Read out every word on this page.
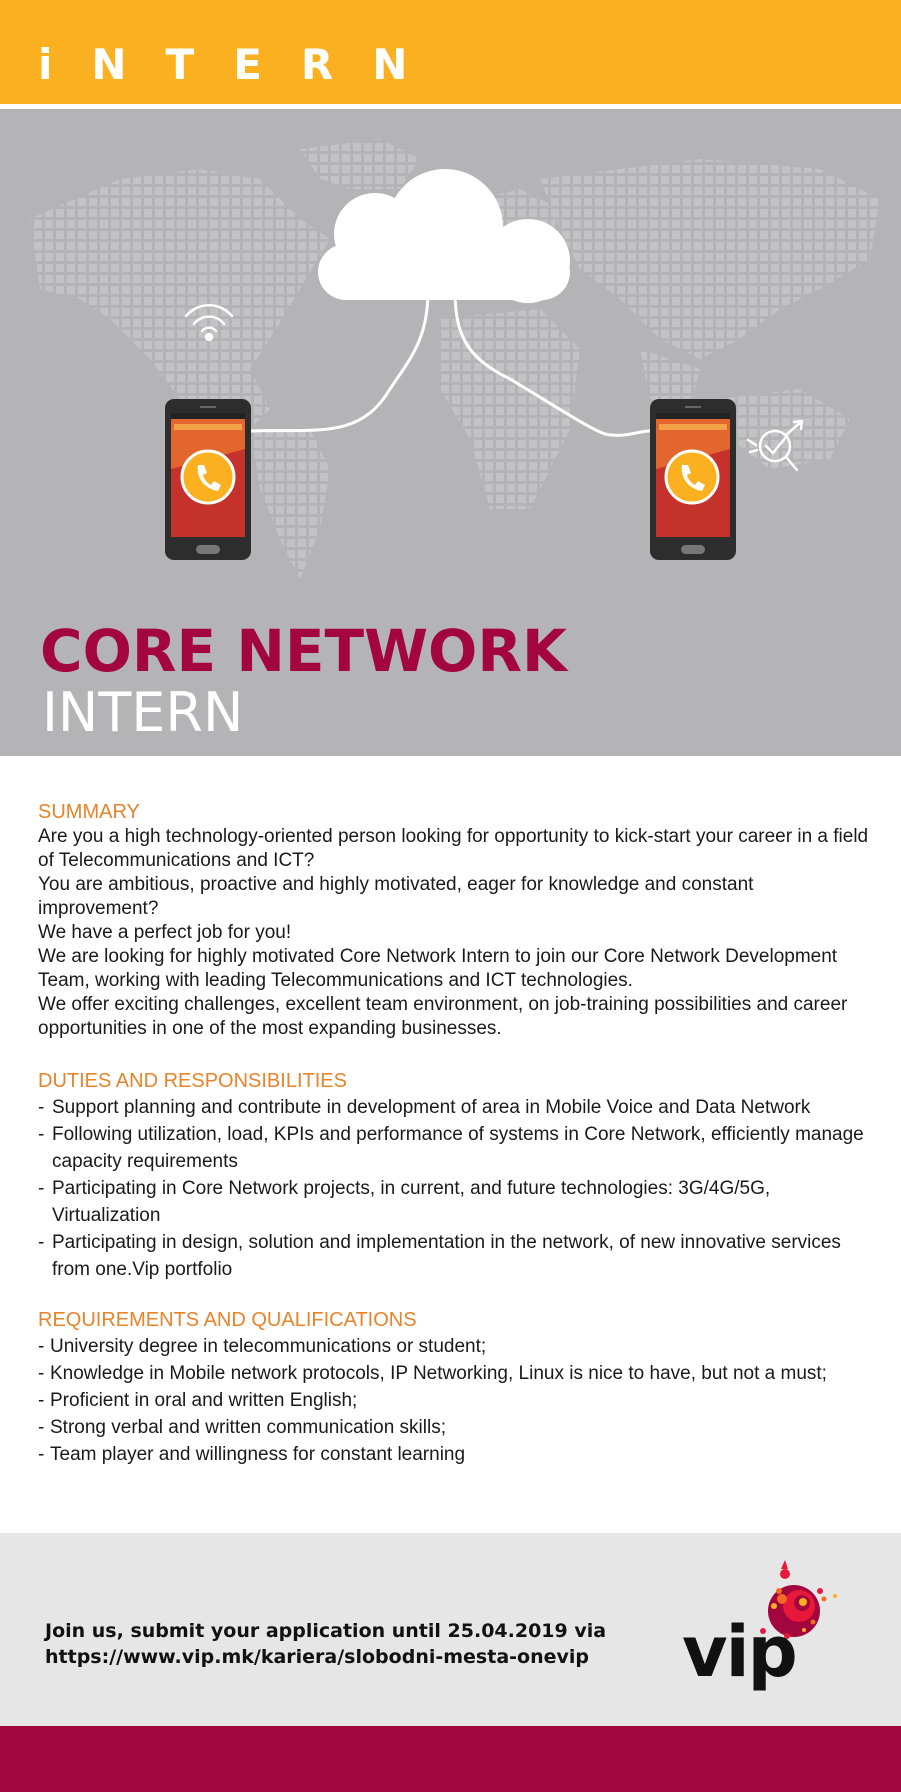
iNTERN
CORE NETWORK
INTERN
SUMMARY
Are you a high technology-oriented person looking for opportunity to kick-start your career in a field of Telecommunications and ICT?
You are ambitious, proactive and highly motivated, eager for knowledge and constant improvement?
We have a perfect job for you!
We are looking for highly motivated Core Network Intern to join our Core Network Development Team, working with leading Telecommunications and ICT technologies.
We offer exciting challenges, excellent team environment, on job-training possibilities and career opportunities in one of the most expanding businesses.
DUTIES AND RESPONSIBILITIES
- Support planning and contribute in development of area in Mobile Voice and Data Network
- Following utilization, load, KPIs and performance of systems in Core Network, efficiently manage capacity requirements
- Participating in Core Network projects, in current, and future technologies: 3G/4G/5G, Virtualization
- Participating in design, solution and implementation in the network, of new innovative services from one.Vip portfolio
REQUIREMENTS AND QUALIFICATIONS
- University degree in telecommunications or student;
- Knowledge in Mobile network protocols, IP Networking, Linux is nice to have, but not a must;
- Proficient in oral and written English;
- Strong verbal and written communication skills;
- Team player and willingness for constant learning
Join us, submit your application until 25.04.2019 via
https://www.vip.mk/kariera/slobodni-mesta-onevip vip
